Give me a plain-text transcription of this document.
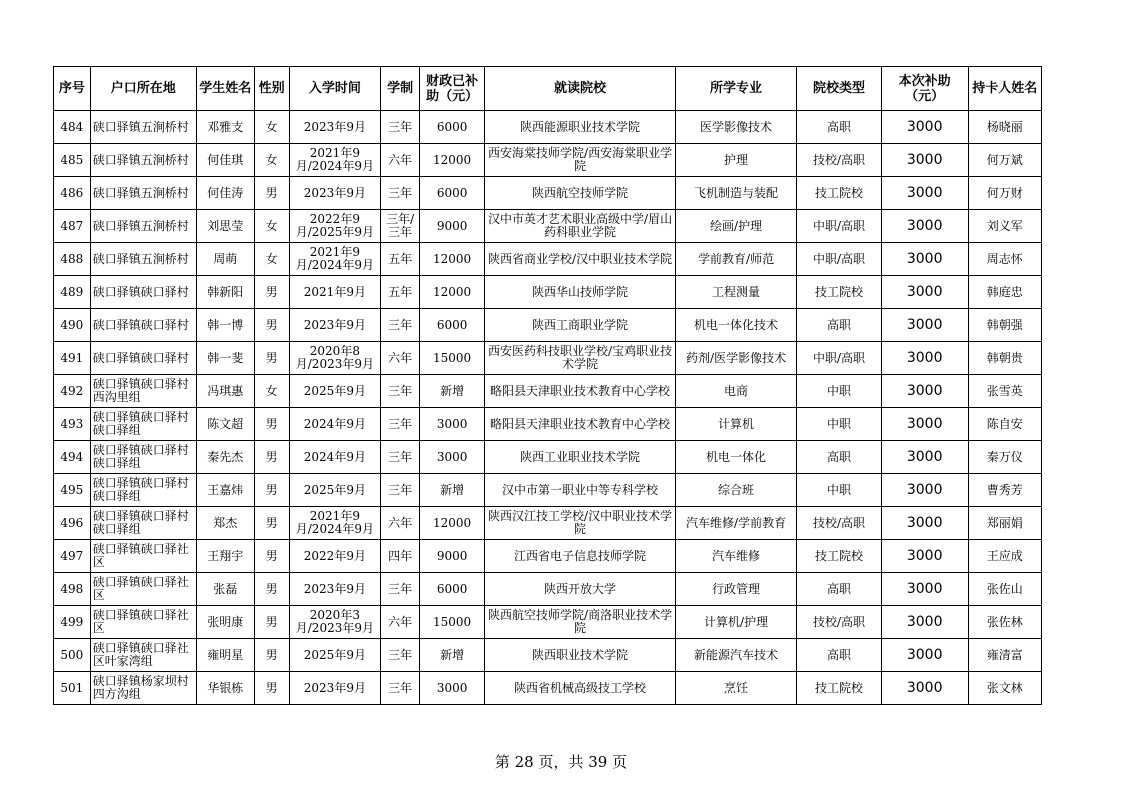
序号	户口所在地	学生姓名	性别	入学时间	学制	财政已补助（元）	就读院校	所学专业	院校类型	本次补助（元）	持卡人姓名
484	硖口驿镇五涧桥村	邓雅支	女	2023年9月	三年	6000	陕西能源职业技术学院	医学影像技术	高职	3000	杨晓丽
485	硖口驿镇五涧桥村	何佳琪	女	2021年9月/2024年9月	六年	12000	西安海棠技师学院/西安海棠职业学院	护理	技校/高职	3000	何万斌
486	硖口驿镇五涧桥村	何佳涛	男	2023年9月	三年	6000	陕西航空技师学院	飞机制造与装配	技工院校	3000	何万财
487	硖口驿镇五涧桥村	刘思莹	女	2022年9月/2025年9月	三年/三年	9000	汉中市英才艺术职业高级中学/眉山药科职业学院	绘画/护理	中职/高职	3000	刘义军
488	硖口驿镇五涧桥村	周萌	女	2021年9月/2024年9月	五年	12000	陕西省商业学校/汉中职业技术学院	学前教育/师范	中职/高职	3000	周志怀
489	硖口驿镇硖口驿村	韩新阳	男	2021年9月	五年	12000	陕西华山技师学院	工程测量	技工院校	3000	韩庭忠
490	硖口驿镇硖口驿村	韩一博	男	2023年9月	三年	6000	陕西工商职业学院	机电一体化技术	高职	3000	韩朝强
491	硖口驿镇硖口驿村	韩一斐	男	2020年8月/2023年9月	六年	15000	西安医药科技职业学校/宝鸡职业技术学院	药剂/医学影像技术	中职/高职	3000	韩朝贵
492	硖口驿镇硖口驿村西沟里组	冯琪惠	女	2025年9月	三年	新增	略阳县天津职业技术教育中心学校	电商	中职	3000	张雪英
493	硖口驿镇硖口驿村硖口驿组	陈文超	男	2024年9月	三年	3000	略阳县天津职业技术教育中心学校	计算机	中职	3000	陈自安
494	硖口驿镇硖口驿村硖口驿组	秦先杰	男	2024年9月	三年	3000	陕西工业职业技术学院	机电一体化	高职	3000	秦万仪
495	硖口驿镇硖口驿村硖口驿组	王嘉炜	男	2025年9月	三年	新增	汉中市第一职业中等专科学校	综合班	中职	3000	曹秀芳
496	硖口驿镇硖口驿村硖口驿组	郑杰	男	2021年9月/2024年9月	六年	12000	陕西汉江技工学校/汉中职业技术学院	汽车维修/学前教育	技校/高职	3000	郑丽娟
497	硖口驿镇硖口驿社区	王翔宇	男	2022年9月	四年	9000	江西省电子信息技师学院	汽车维修	技工院校	3000	王应成
498	硖口驿镇硖口驿社区	张磊	男	2023年9月	三年	6000	陕西开放大学	行政管理	高职	3000	张佐山
499	硖口驿镇硖口驿社区	张明康	男	2020年3月/2023年9月	六年	15000	陕西航空技师学院/商洛职业技术学院	计算机/护理	技校/高职	3000	张佐林
500	硖口驿镇硖口驿社区叶家湾组	雍明星	男	2025年9月	三年	新增	陕西职业技术学院	新能源汽车技术	高职	3000	雍清富
501	硖口驿镇杨家坝村四方沟组	华银栋	男	2023年9月	三年	3000	陕西省机械高级技工学校	烹饪	技工院校	3000	张文林
第 28 页，共 39 页
